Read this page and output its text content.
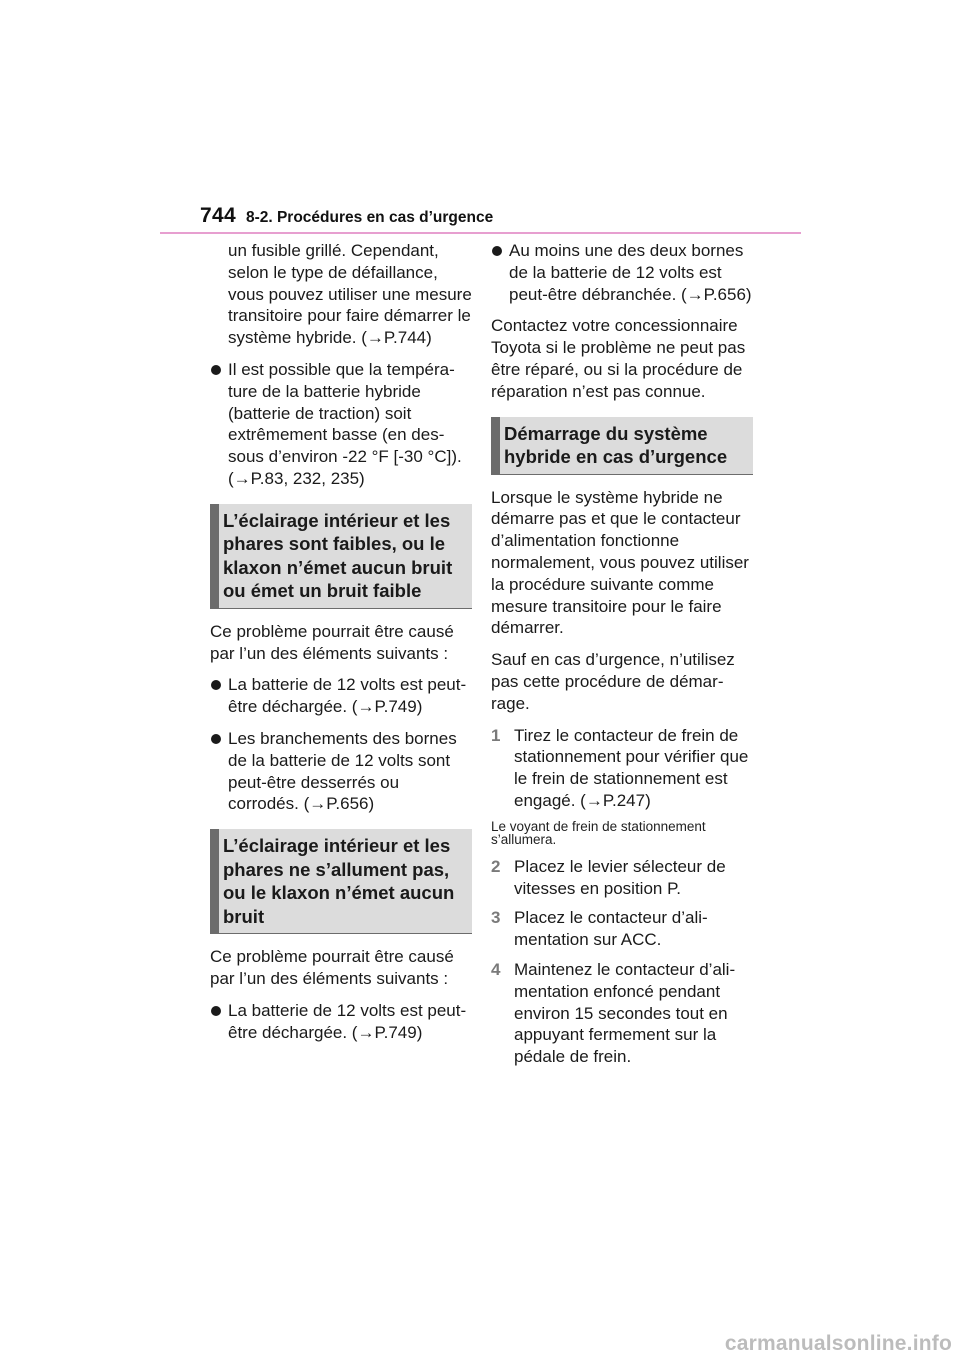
744 8-2. Procédures en cas d’urgence

un fusible grillé. Cependant, selon le type de défaillance, vous pouvez utiliser une mesure transitoire pour faire démarrer le système hybride. (→P.744)

Il est possible que la température de la batterie hybride (batterie de traction) soit extrêmement basse (en dessous d’environ -22 °F [-30 °C]). (→P.83, 232, 235)
L’éclairage intérieur et les phares sont faibles, ou le klaxon n’émet aucun bruit ou émet un bruit faible

Ce problème pourrait être causé par l’un des éléments suivants :

La batterie de 12 volts est peut-être déchargée. (→P.749)
Les branchements des bornes de la batterie de 12 volts sont peut-être desserrés ou corrodés. (→P.656)
L’éclairage intérieur et les phares ne s’allument pas, ou le klaxon n’émet aucun bruit

Ce problème pourrait être causé par l’un des éléments suivants :

La batterie de 12 volts est peut-être déchargée. (→P.749)
Au moins une des deux bornes de la batterie de 12 volts est peut-être débranchée. (→P.656)

Contactez votre concessionnaire Toyota si le problème ne peut pas être réparé, ou si la procédure de réparation n’est pas connue.

Démarrage du système hybride en cas d’urgence

Lorsque le système hybride ne démarre pas et que le contacteur d’alimentation fonctionne normalement, vous pouvez utiliser la procédure suivante comme mesure transitoire pour le faire démarrer.

Sauf en cas d’urgence, n’utilisez pas cette procédure de démarrage.

1 Tirez le contacteur de frein de stationnement pour vérifier que le frein de stationnement est engagé. (→P.247)
Le voyant de frein de stationnement s’allumera.
2 Placez le levier sélecteur de vitesses en position P.
3 Placez le contacteur d’alimentation sur ACC.
4 Maintenez le contacteur d’alimentation enfoncé pendant environ 15 secondes tout en appuyant fermement sur la pédale de frein.
carmanualsonline.info
